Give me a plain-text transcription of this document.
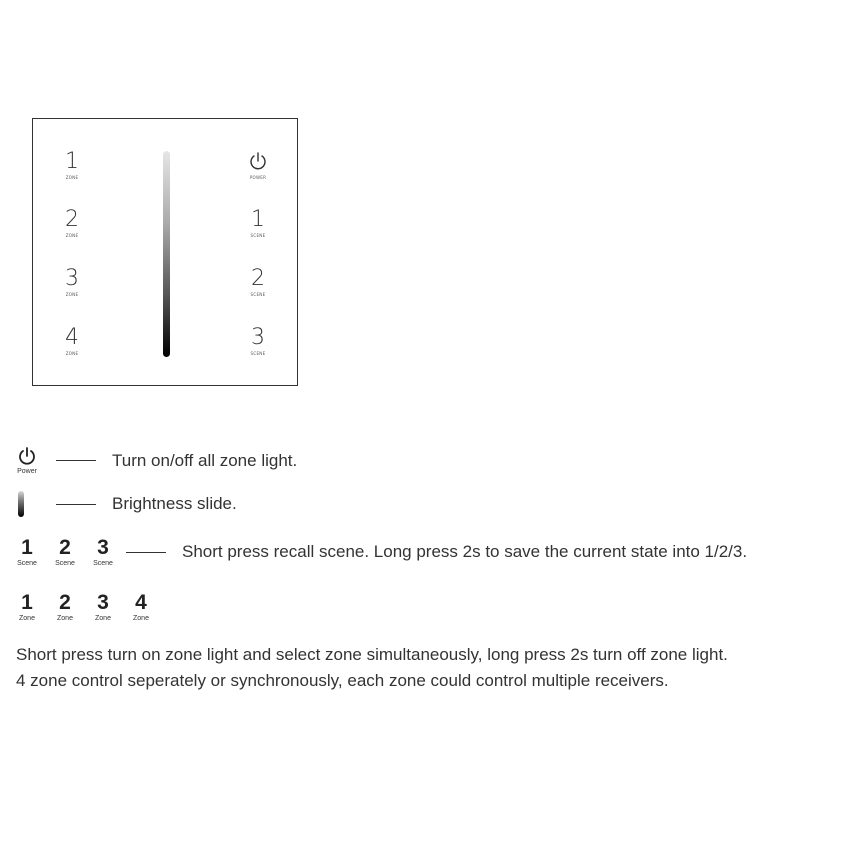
1
ZONE
2
ZONE
3
ZONE
4
ZONE
POWER
1
SCENE
2
SCENE
3
SCENE
Power
Turn on/off all zone light.
Brightness slide.
1
Scene
2
Scene
3
Scene
Short press recall scene. Long press 2s to save the current state into 1/2/3.
1
Zone
2
Zone
3
Zone
4
Zone
Short press turn on zone light and select zone simultaneously, long press 2s turn off zone light.
4 zone control seperately or synchronously, each zone could control multiple receivers.
